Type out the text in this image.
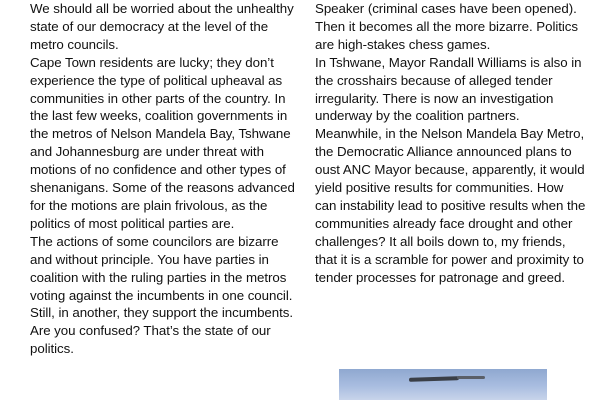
We should all be worried about the unhealthy state of our democracy at the level of the metro councils.

Cape Town residents are lucky; they don’t experience the type of political upheaval as communities in other parts of the country. In the last few weeks, coalition governments in the metros of Nelson Mandela Bay, Tshwane and Johannesburg are under threat with motions of no confidence and other types of shenanigans. Some of the reasons advanced for the motions are plain frivolous, as the politics of most political parties are.

The actions of some councilors are bizarre and without principle. You have parties in coalition with the ruling parties in the metros voting against the incumbents in one council. Still, in another, they support the incumbents. Are you confused? That’s the state of our politics.

Speaker (criminal cases have been opened). Then it becomes all the more bizarre. Politics are high-stakes chess games.

In Tshwane, Mayor Randall Williams is also in the crosshairs because of alleged tender irregularity. There is now an investigation underway by the coalition partners. Meanwhile, in the Nelson Mandela Bay Metro, the Democratic Alliance announced plans to oust ANC Mayor because, apparently, it would yield positive results for communities. How can instability lead to positive results when the communities already face drought and other challenges? It all boils down to, my friends, that it is a scramble for power and proximity to tender processes for patronage and greed.
